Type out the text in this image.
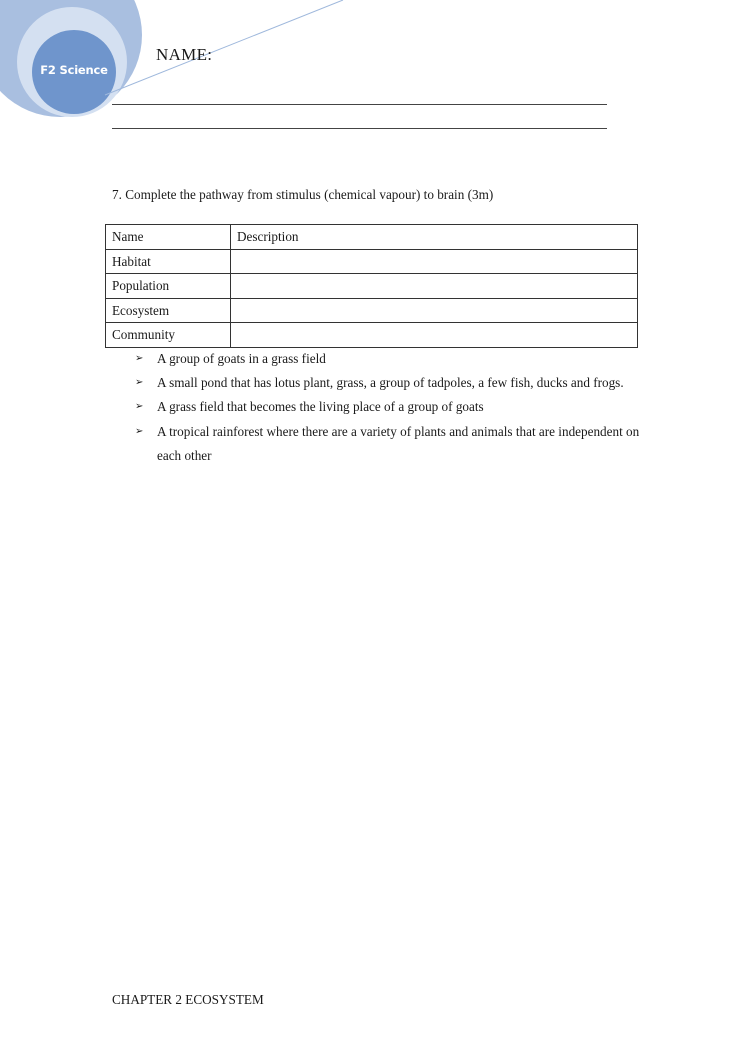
F2 Science
NAME:
7. Complete the pathway from stimulus (chemical vapour) to brain (3m)
Name	Description
Habitat	
Population	
Ecosystem	
Community	
➢ A group of goats in a grass field
➢ A small pond that has lotus plant, grass, a group of tadpoles, a few fish, ducks and frogs.
➢ A grass field that becomes the living place of a group of goats
➢ A tropical rainforest where there are a variety of plants and animals that are independent on each other
CHAPTER 2 ECOSYSTEM
